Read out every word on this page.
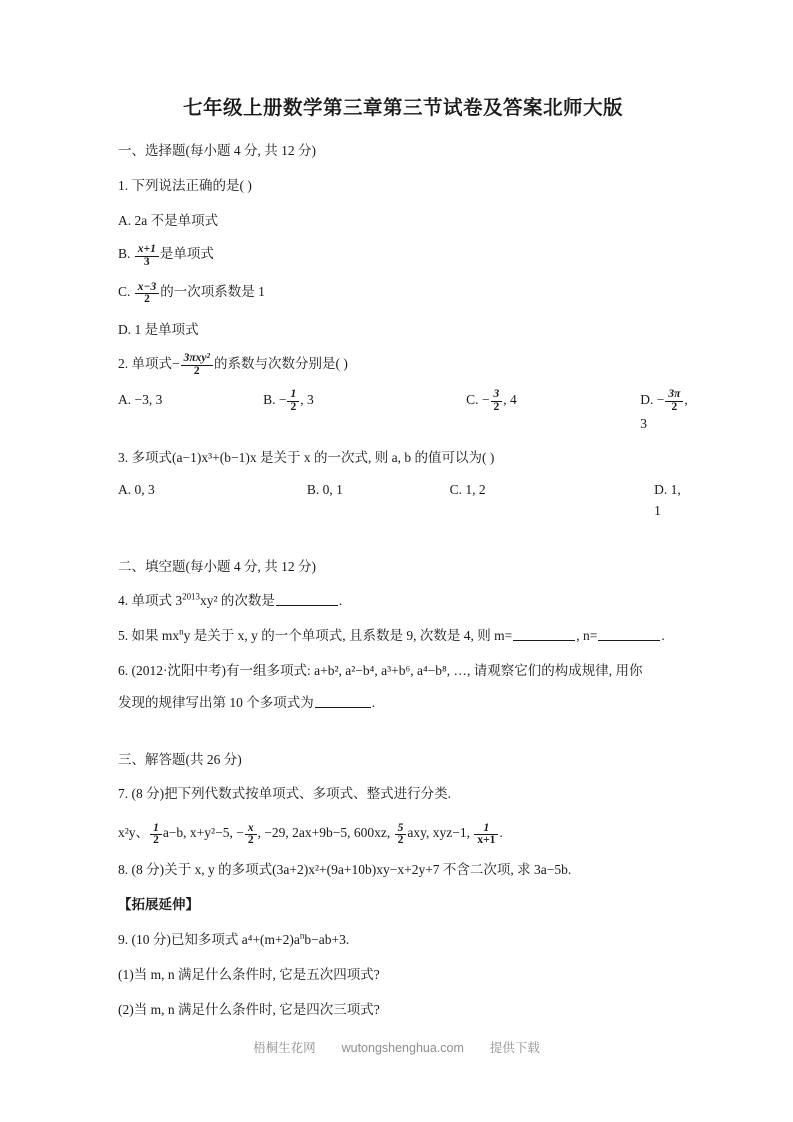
七年级上册数学第三章第三节试卷及答案北师大版

一、选择题(每小题 4 分, 共 12 分)

1. 下列说法正确的是( )

A. 2a 不是单项式

B. $\frac{x+1}{3}$ 是单项式

C. $\frac{x-3}{2}$ 的一次项系数是 1

D. 1 是单项式

2. 单项式− $\frac{\text{3πxy²}}{2}$ 的系数与次数分别是( )

A. −3, 3	B. − $\frac{1}{2}$ , 3	C. − $\frac{3}{2}$ , 4	D. − $\frac{3\pi}{2}$ , 3

3. 多项式(a−1)x³+(b−1)x 是关于 x 的一次式, 则 a, b 的值可以为( )

A. 0, 3	B. 0, 1	C. 1, 2	D. 1, 1

二、填空题(每小题 4 分, 共 12 分)

4. 单项式 $3^{2013}xy^2$ 的次数是	.

5. 如果 $mx^ny$ 是关于 x, y 的一个单项式, 且系数是 9, 次数是 4, 则 m=	, n=	.

6. (2012·沈阳中考)有一组多项式: a+b², a²−b⁴, a³+b⁶, a⁴−b⁸, …, 请观察它们的构成规律, 用你

发现的规律写出第 10 个多项式为	.

三、解答题(共 26 分)

7. (8 分)把下列代数式按单项式、多项式、整式进行分类.

x²y、 $\frac{1}{2} a-b$, x+y²−5, − $\frac{x}{2}$ , −29, 2ax+9b−5, 600xz, $\frac{5}{2}$ axy, xyz−1, $\frac{1}{x+1}$ .

8. (8 分)关于 x, y 的多项式(3a+2)x²+(9a+10b)xy−x+2y+7 不含二次项, 求 3a−5b.

【拓展延伸】

9. (10 分)已知多项式 $a^4+(m+2)a^nb-ab+3$.

(1)当 m, n 满足什么条件时, 它是五次四项式?

(2)当 m, n 满足什么条件时, 它是四次三项式?

梧桐生花网 wutongshenghua.com 提供下载
